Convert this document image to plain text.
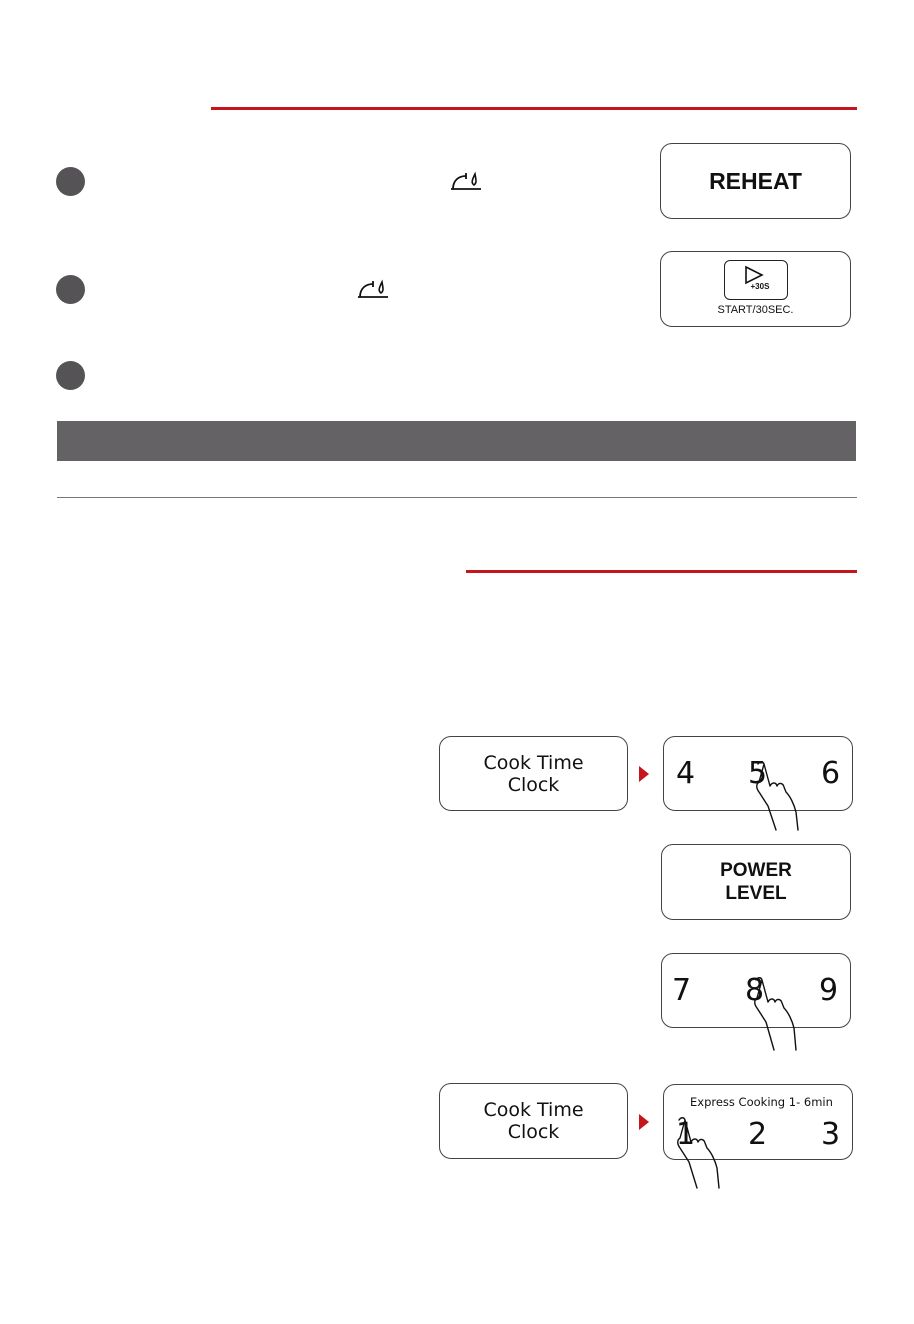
REHEAT
+30S
START/30SEC.
Cook Time
Clock	4 5 6
POWER
LEVEL
7 8 9
Cook Time
Clock
Express Cooking 1- 6min
1 2 3
